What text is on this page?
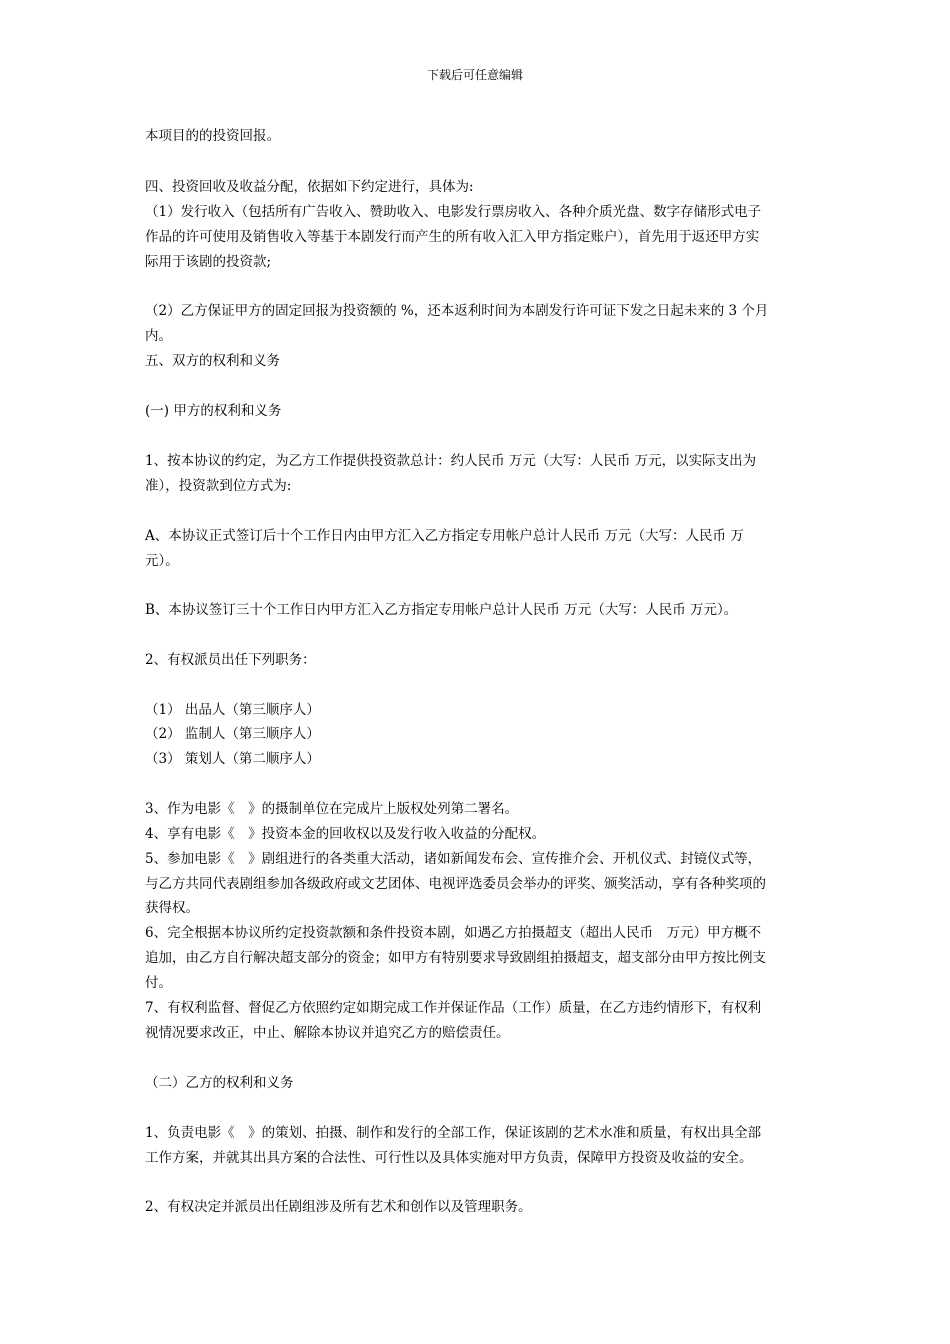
下载后可任意编辑
本项目的的投资回报。
四、投资回收及收益分配，依据如下约定进行，具体为:
（1）发行收入（包括所有广告收入、赞助收入、电影发行票房收入、各种介质光盘、数字存储形式电子
作品的许可使用及销售收入等基于本剧发行而产生的所有收入汇入甲方指定账户），首先用于返还甲方实
际用于该剧的投资款;
（2）乙方保证甲方的固定回报为投资额的 %，还本返利时间为本剧发行许可证下发之日起未来的 3 个月
内。
五、双方的权利和义务
(一) 甲方的权利和义务
1、按本协议的约定，为乙方工作提供投资款总计：约人民币 万元（大写：人民币 万元，以实际支出为
准），投资款到位方式为:
A、本协议正式签订后十个工作日内由甲方汇入乙方指定专用帐户总计人民币 万元（大写：人民币 万
元）。
B、本协议签订三十个工作日内甲方汇入乙方指定专用帐户总计人民币 万元（大写：人民币 万元）。
2、有权派员出任下列职务：
（1） 出品人（第三顺序人）
（2） 监制人（第三顺序人）
（3） 策划人（第二顺序人）
3、作为电影《　》的摄制单位在完成片上版权处列第二署名。
4、享有电影《　》投资本金的回收权以及发行收入收益的分配权。
5、参加电影《　》剧组进行的各类重大活动，诸如新闻发布会、宣传推介会、开机仪式、封镜仪式等，
与乙方共同代表剧组参加各级政府或文艺团体、电视评选委员会举办的评奖、颁奖活动，享有各种奖项的
获得权。
6、完全根据本协议所约定投资款额和条件投资本剧，如遇乙方拍摄超支（超出人民币　万元）甲方概不
追加，由乙方自行解决超支部分的资金；如甲方有特别要求导致剧组拍摄超支，超支部分由甲方按比例支
付。
7、有权利监督、督促乙方依照约定如期完成工作并保证作品（工作）质量，在乙方违约情形下，有权利
视情况要求改正，中止、解除本协议并追究乙方的赔偿责任。
（二）乙方的权利和义务
1、负责电影《　》的策划、拍摄、制作和发行的全部工作，保证该剧的艺术水准和质量，有权出具全部
工作方案，并就其出具方案的合法性、可行性以及具体实施对甲方负责，保障甲方投资及收益的安全。
2、有权决定并派员出任剧组涉及所有艺术和创作以及管理职务。
